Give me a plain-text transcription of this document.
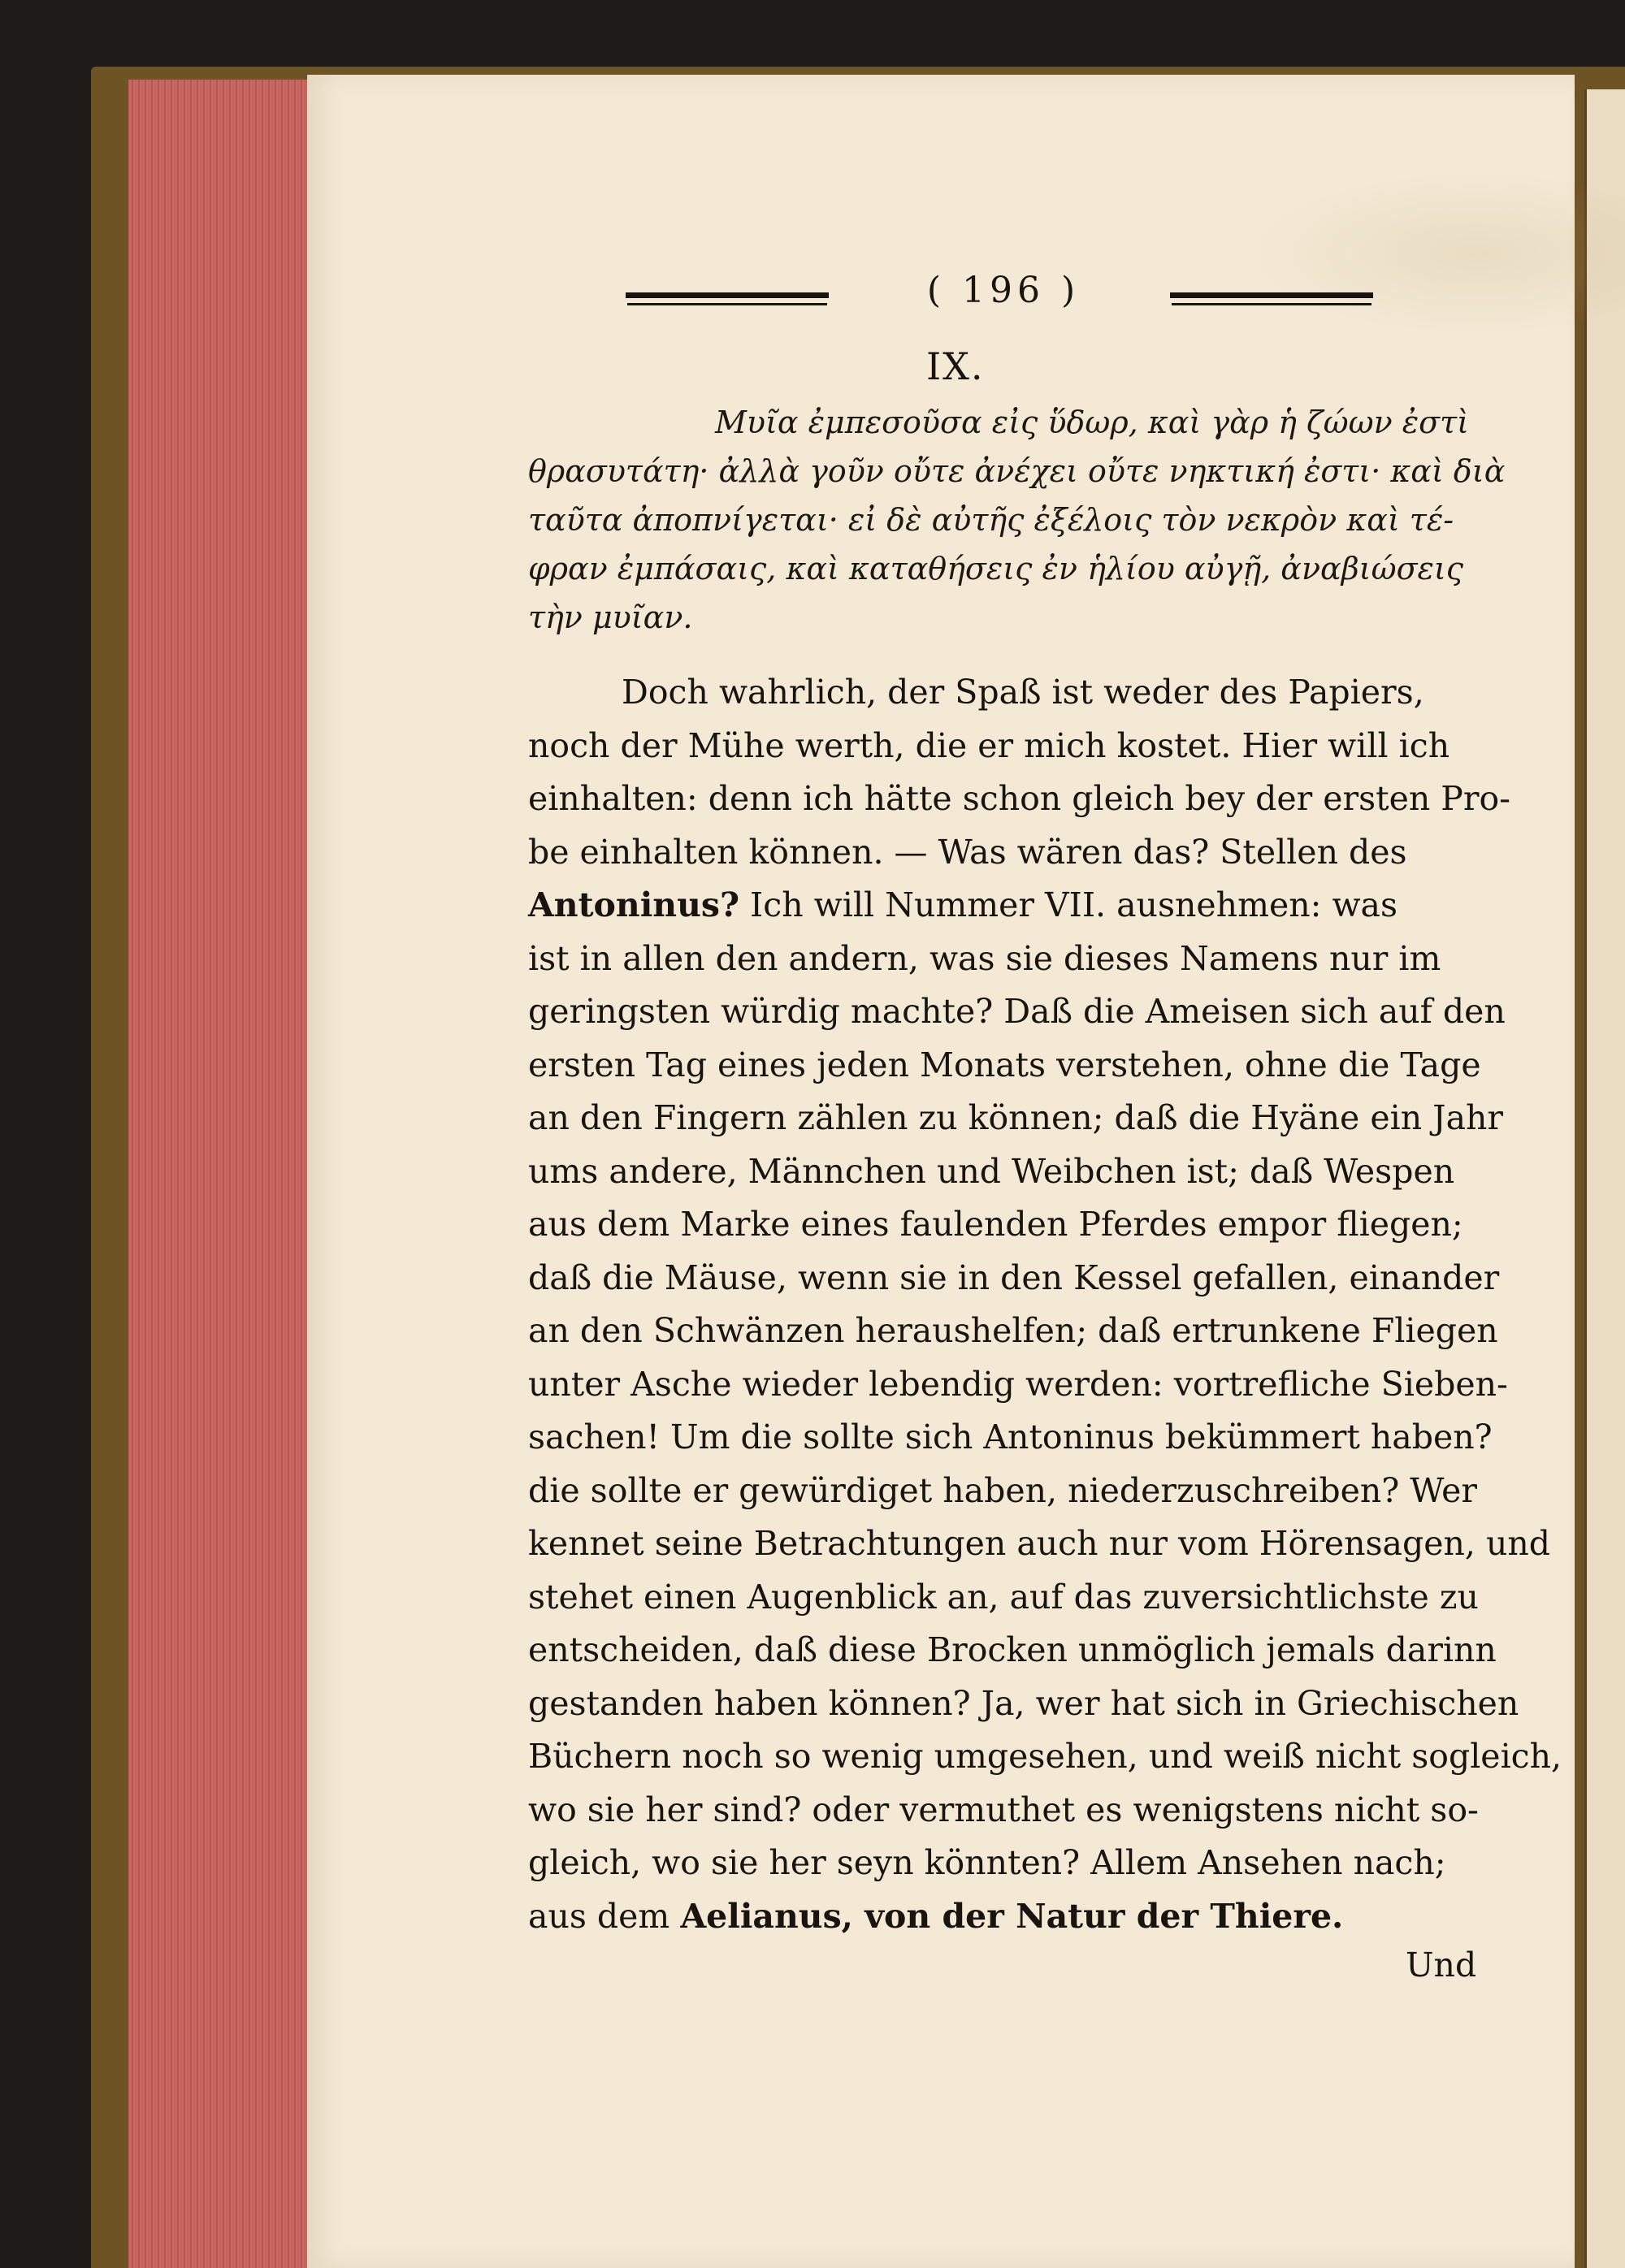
( 196 )
IX.
Μυῖα ἐμπεσοῦσα εἰς ὕδωρ, καὶ γὰρ ἡ ζώων ἐστὶ
θρασυτάτη· ἀλλὰ γοῦν οὔτε ἀνέχει οὔτε νηκτική ἐστι· καὶ διὰ
ταῦτα ἀποπνίγεται· εἰ δὲ αὐτῆς ἐξέλοις τὸν νεκρὸν καὶ τέ-
φραν ἐμπάσαις, καὶ καταθήσεις ἐν ἡλίου αὐγῇ, ἀναβιώσεις
τὴν μυῖαν.
Doch wahrlich, der Spaß ist weder des Papiers,
noch der Mühe werth, die er mich kostet. Hier will ich
einhalten: denn ich hätte schon gleich bey der ersten Pro-
be einhalten können. — Was wären das? Stellen des
Antoninus? Ich will Nummer VII. ausnehmen: was
ist in allen den andern, was sie dieses Namens nur im
geringsten würdig machte? Daß die Ameisen sich auf den
ersten Tag eines jeden Monats verstehen, ohne die Tage
an den Fingern zählen zu können; daß die Hyäne ein Jahr
ums andere, Männchen und Weibchen ist; daß Wespen
aus dem Marke eines faulenden Pferdes empor fliegen;
daß die Mäuse, wenn sie in den Kessel gefallen, einander
an den Schwänzen heraushelfen; daß ertrunkene Fliegen
unter Asche wieder lebendig werden: vortrefliche Sieben-
sachen! Um die sollte sich Antoninus bekümmert haben?
die sollte er gewürdiget haben, niederzuschreiben? Wer
kennet seine Betrachtungen auch nur vom Hörensagen, und
stehet einen Augenblick an, auf das zuversichtlichste zu
entscheiden, daß diese Brocken unmöglich jemals darinn
gestanden haben können? Ja, wer hat sich in Griechischen
Büchern noch so wenig umgesehen, und weiß nicht sogleich,
wo sie her sind? oder vermuthet es wenigstens nicht so-
gleich, wo sie her seyn könnten? Allem Ansehen nach;
aus dem Aelianus, von der Natur der Thiere.
Und
